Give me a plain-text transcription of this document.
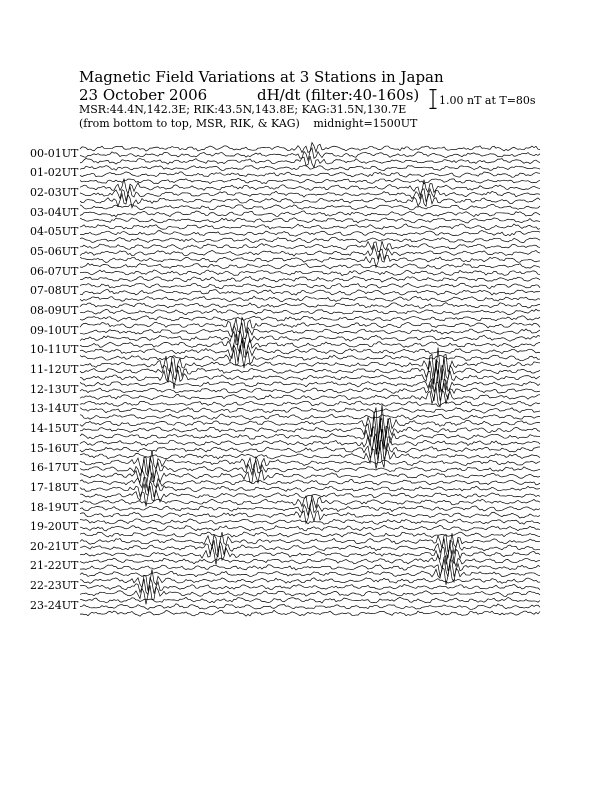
Magnetic Field Variations at 3 Stations in Japan
23 October 2006	dH/dt (filter:40-160s)
MSR:44.4N,142.3E; RIK:43.5N,143.8E; KAG:31.5N,130.7E
(from bottom to top, MSR, RIK, & KAG) midnight=1500UT
1.00 nT at T=80s
00-01UT
01-02UT
02-03UT
03-04UT
04-05UT
05-06UT
06-07UT
07-08UT
08-09UT
09-10UT
10-11UT
11-12UT
12-13UT
13-14UT
14-15UT
15-16UT
16-17UT
17-18UT
18-19UT
19-20UT
20-21UT
21-22UT
22-23UT
23-24UT
